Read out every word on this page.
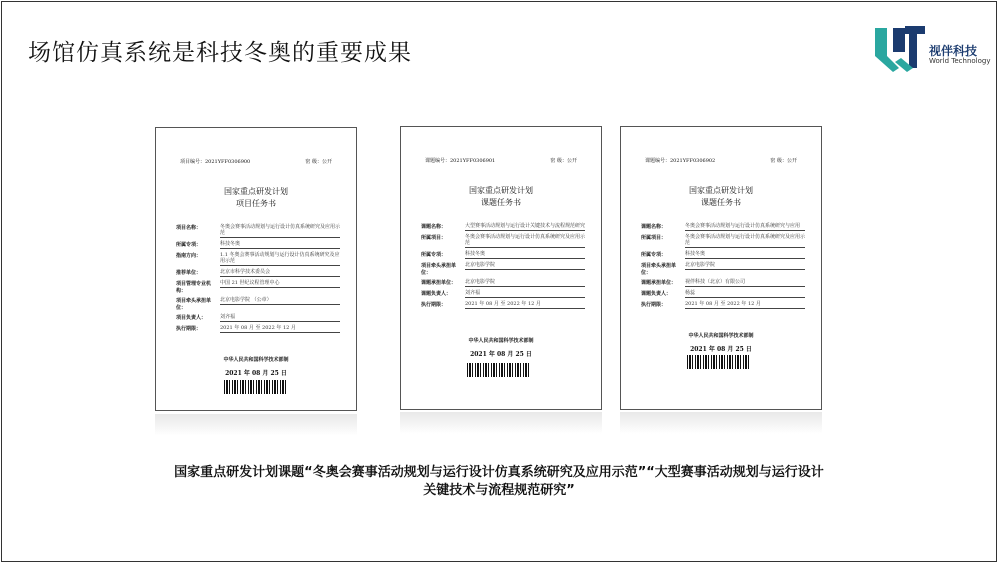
场馆仿真系统是科技冬奥的重要成果	视伴科技
World Technology
项目编号：2021YFF0306900	密 级：公开
国家重点研发计划
项目任务书
项目名称：	冬奥会赛事活动规划与运行设计仿真系统研究及应用示范
所属专项：	科技冬奥
指南方向：	1.1 冬奥会赛事活动规划与运行设计仿真系统研究及应用示范
推荐单位：	北京市科学技术委员会
项目管理专业机构：
中国 21 世纪议程管理中心
项目牵头承担单位：
北京电影学院 （公章）
项目负责人：	刘齐福
执行期限：	2021 年 08 月 至 2022 年 12 月
中华人民共和国科学技术部制
2021 年 08 月 25 日
课题编号：2021YFF0306901	密 级：公开
国家重点研发计划
课题任务书
课题名称：	大型赛事活动规划与运行设计关键技术与流程规范研究
所属项目：	冬奥会赛事活动规划与运行设计仿真系统研究及应用示范
所属专项：	科技冬奥
项目牵头承担单位：
北京电影学院
课题承担单位：	北京电影学院
课题负责人：	刘齐福
执行期限：	2021 年 08 月 至 2022 年 12 月
中华人民共和国科学技术部制
2021 年 08 月 25 日
课题编号：2021YFF0306902	密 级：公开
国家重点研发计划
课题任务书
课题名称：	冬奥会赛事活动规划与运行设计仿真系统研究与应用
所属项目：	冬奥会赛事活动规划与运行设计仿真系统研究及应用示范
所属专项：	科技冬奥
项目牵头承担单位：
北京电影学院
课题承担单位：	视伴科技（北京）有限公司
课题负责人：	杨蕊
执行期限：	2021 年 08 月 至 2022 年 12 月
中华人民共和国科学技术部制
2021 年 08 月 25 日
国家重点研发计划课题“冬奥会赛事活动规划与运行设计仿真系统研究及应用示范”“大型赛事活动规划与运行设计
关键技术与流程规范研究”
